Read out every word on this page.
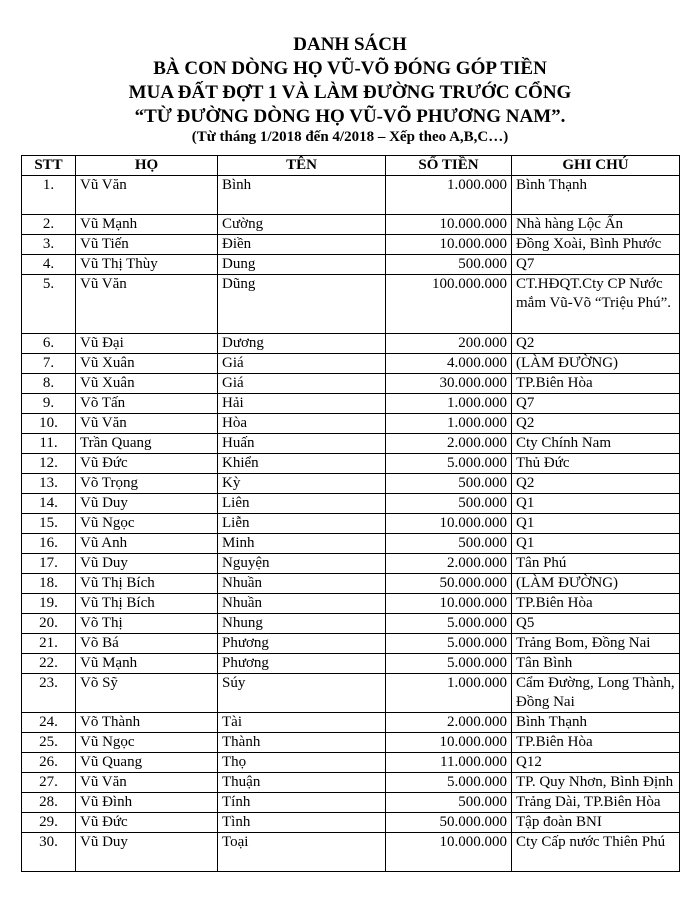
DANH SÁCH
BÀ CON DÒNG HỌ VŨ-VÕ ĐÓNG GÓP TIỀN
MUA ĐẤT ĐỢT 1 VÀ LÀM ĐƯỜNG TRƯỚC CỔNG
“TỪ ĐƯỜNG DÒNG HỌ VŨ-VÕ PHƯƠNG NAM”.
(Từ tháng 1/2018 đến 4/2018 – Xếp theo A,B,C…)
STT	HỌ	TÊN	SỐ TIỀN	GHI CHÚ
1.	Vũ Văn	Bình	1.000.000	Bình Thạnh
2.	Vũ Mạnh	Cường	10.000.000	Nhà hàng Lộc Ấn
3.	Vũ Tiến	Điền	10.000.000	Đồng Xoài, Bình Phước
4.	Vũ Thị Thùy	Dung	500.000	Q7
5.	Vũ Văn	Dũng	100.000.000	CT.HĐQT.Cty CP Nước mắm Vũ-Võ “Triệu Phú”.
6.	Vũ Đại	Dương	200.000	Q2
7.	Vũ Xuân	Giá	4.000.000	(LÀM ĐƯỜNG)
8.	Vũ Xuân	Giá	30.000.000	TP.Biên Hòa
9.	Võ Tấn	Hải	1.000.000	Q7
10.	Vũ Văn	Hòa	1.000.000	Q2
11.	Trần Quang	Huấn	2.000.000	Cty Chính Nam
12.	Vũ Đức	Khiển	5.000.000	Thủ Đức
13.	Võ Trọng	Kỳ	500.000	Q2
14.	Vũ Duy	Liên	500.000	Q1
15.	Vũ Ngọc	Liễn	10.000.000	Q1
16.	Vũ Anh	Minh	500.000	Q1
17.	Vũ Duy	Nguyện	2.000.000	Tân Phú
18.	Vũ Thị Bích	Nhuần	50.000.000	(LÀM ĐƯỜNG)
19.	Vũ Thị Bích	Nhuần	10.000.000	TP.Biên Hòa
20.	Võ Thị	Nhung	5.000.000	Q5
21.	Võ Bá	Phương	5.000.000	Trảng Bom, Đồng Nai
22.	Vũ Mạnh	Phương	5.000.000	Tân Bình
23.	Võ Sỹ	Súy	1.000.000	Cẩm Đường, Long Thành, Đồng Nai
24.	Võ Thành	Tài	2.000.000	Bình Thạnh
25.	Vũ Ngọc	Thành	10.000.000	TP.Biên Hòa
26.	Vũ Quang	Thọ	11.000.000	Q12
27.	Vũ Văn	Thuận	5.000.000	TP. Quy Nhơn, Bình Định
28.	Vũ Đình	Tính	500.000	Trảng Dài, TP.Biên Hòa
29.	Vũ Đức	Tình	50.000.000	Tập đoàn BNI
30.	Vũ Duy	Toại	10.000.000	Cty Cấp nước Thiên Phú
